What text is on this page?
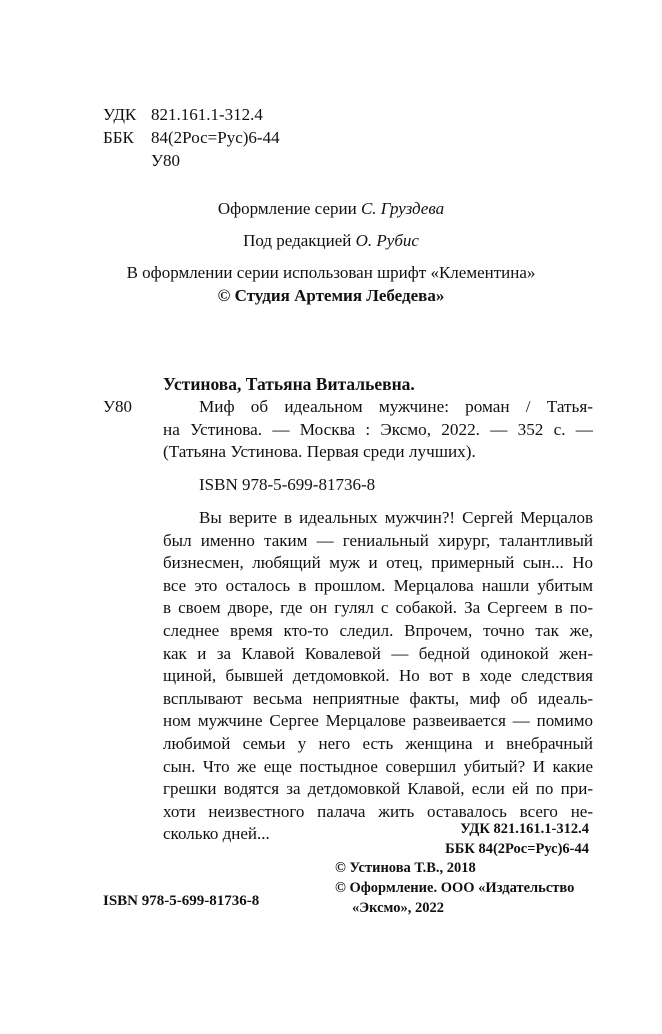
УДК 821.161.1-312.4
ББК 84(2Рос=Рус)6-44
У80
Оформление серии С. Груздева
Под редакцией О. Рубис
В оформлении серии использован шрифт «Клементина»
© Студия Артемия Лебедева»
Устинова, Татьяна Витальевна.
У80	Миф об идеальном мужчине: роман / Татья-
на Устинова. — Москва : Эксмо, 2022. — 352 с. —
(Татьяна Устинова. Первая среди лучших).
ISBN 978-5-699-81736-8
Вы верите в идеальных мужчин?! Сергей Мерцалов
был именно таким — гениальный хирург, талантливый
бизнесмен, любящий муж и отец, примерный сын... Но
все это осталось в прошлом. Мерцалова нашли убитым
в своем дворе, где он гулял с собакой. За Сергеем в по-
следнее время кто-то следил. Впрочем, точно так же,
как и за Клавой Ковалевой — бедной одинокой жен-
щиной, бывшей детдомовкой. Но вот в ходе следствия
всплывают весьма неприятные факты, миф об идеаль-
ном мужчине Сергее Мерцалове развеивается — помимо
любимой семьи у него есть женщина и внебрачный
сын. Что же еще постыдное совершил убитый? И какие
грешки водятся за детдомовкой Клавой, если ей по при-
хоти неизвестного палача жить оставалось всего не-
сколько дней...	УДК 821.161.1-312.4
ББК 84(2Рос=Рус)6-44
© Устинова Т.В., 2018
© Оформление. ООО «Издательство
«Эксмо», 2022
ISBN 978-5-699-81736-8
